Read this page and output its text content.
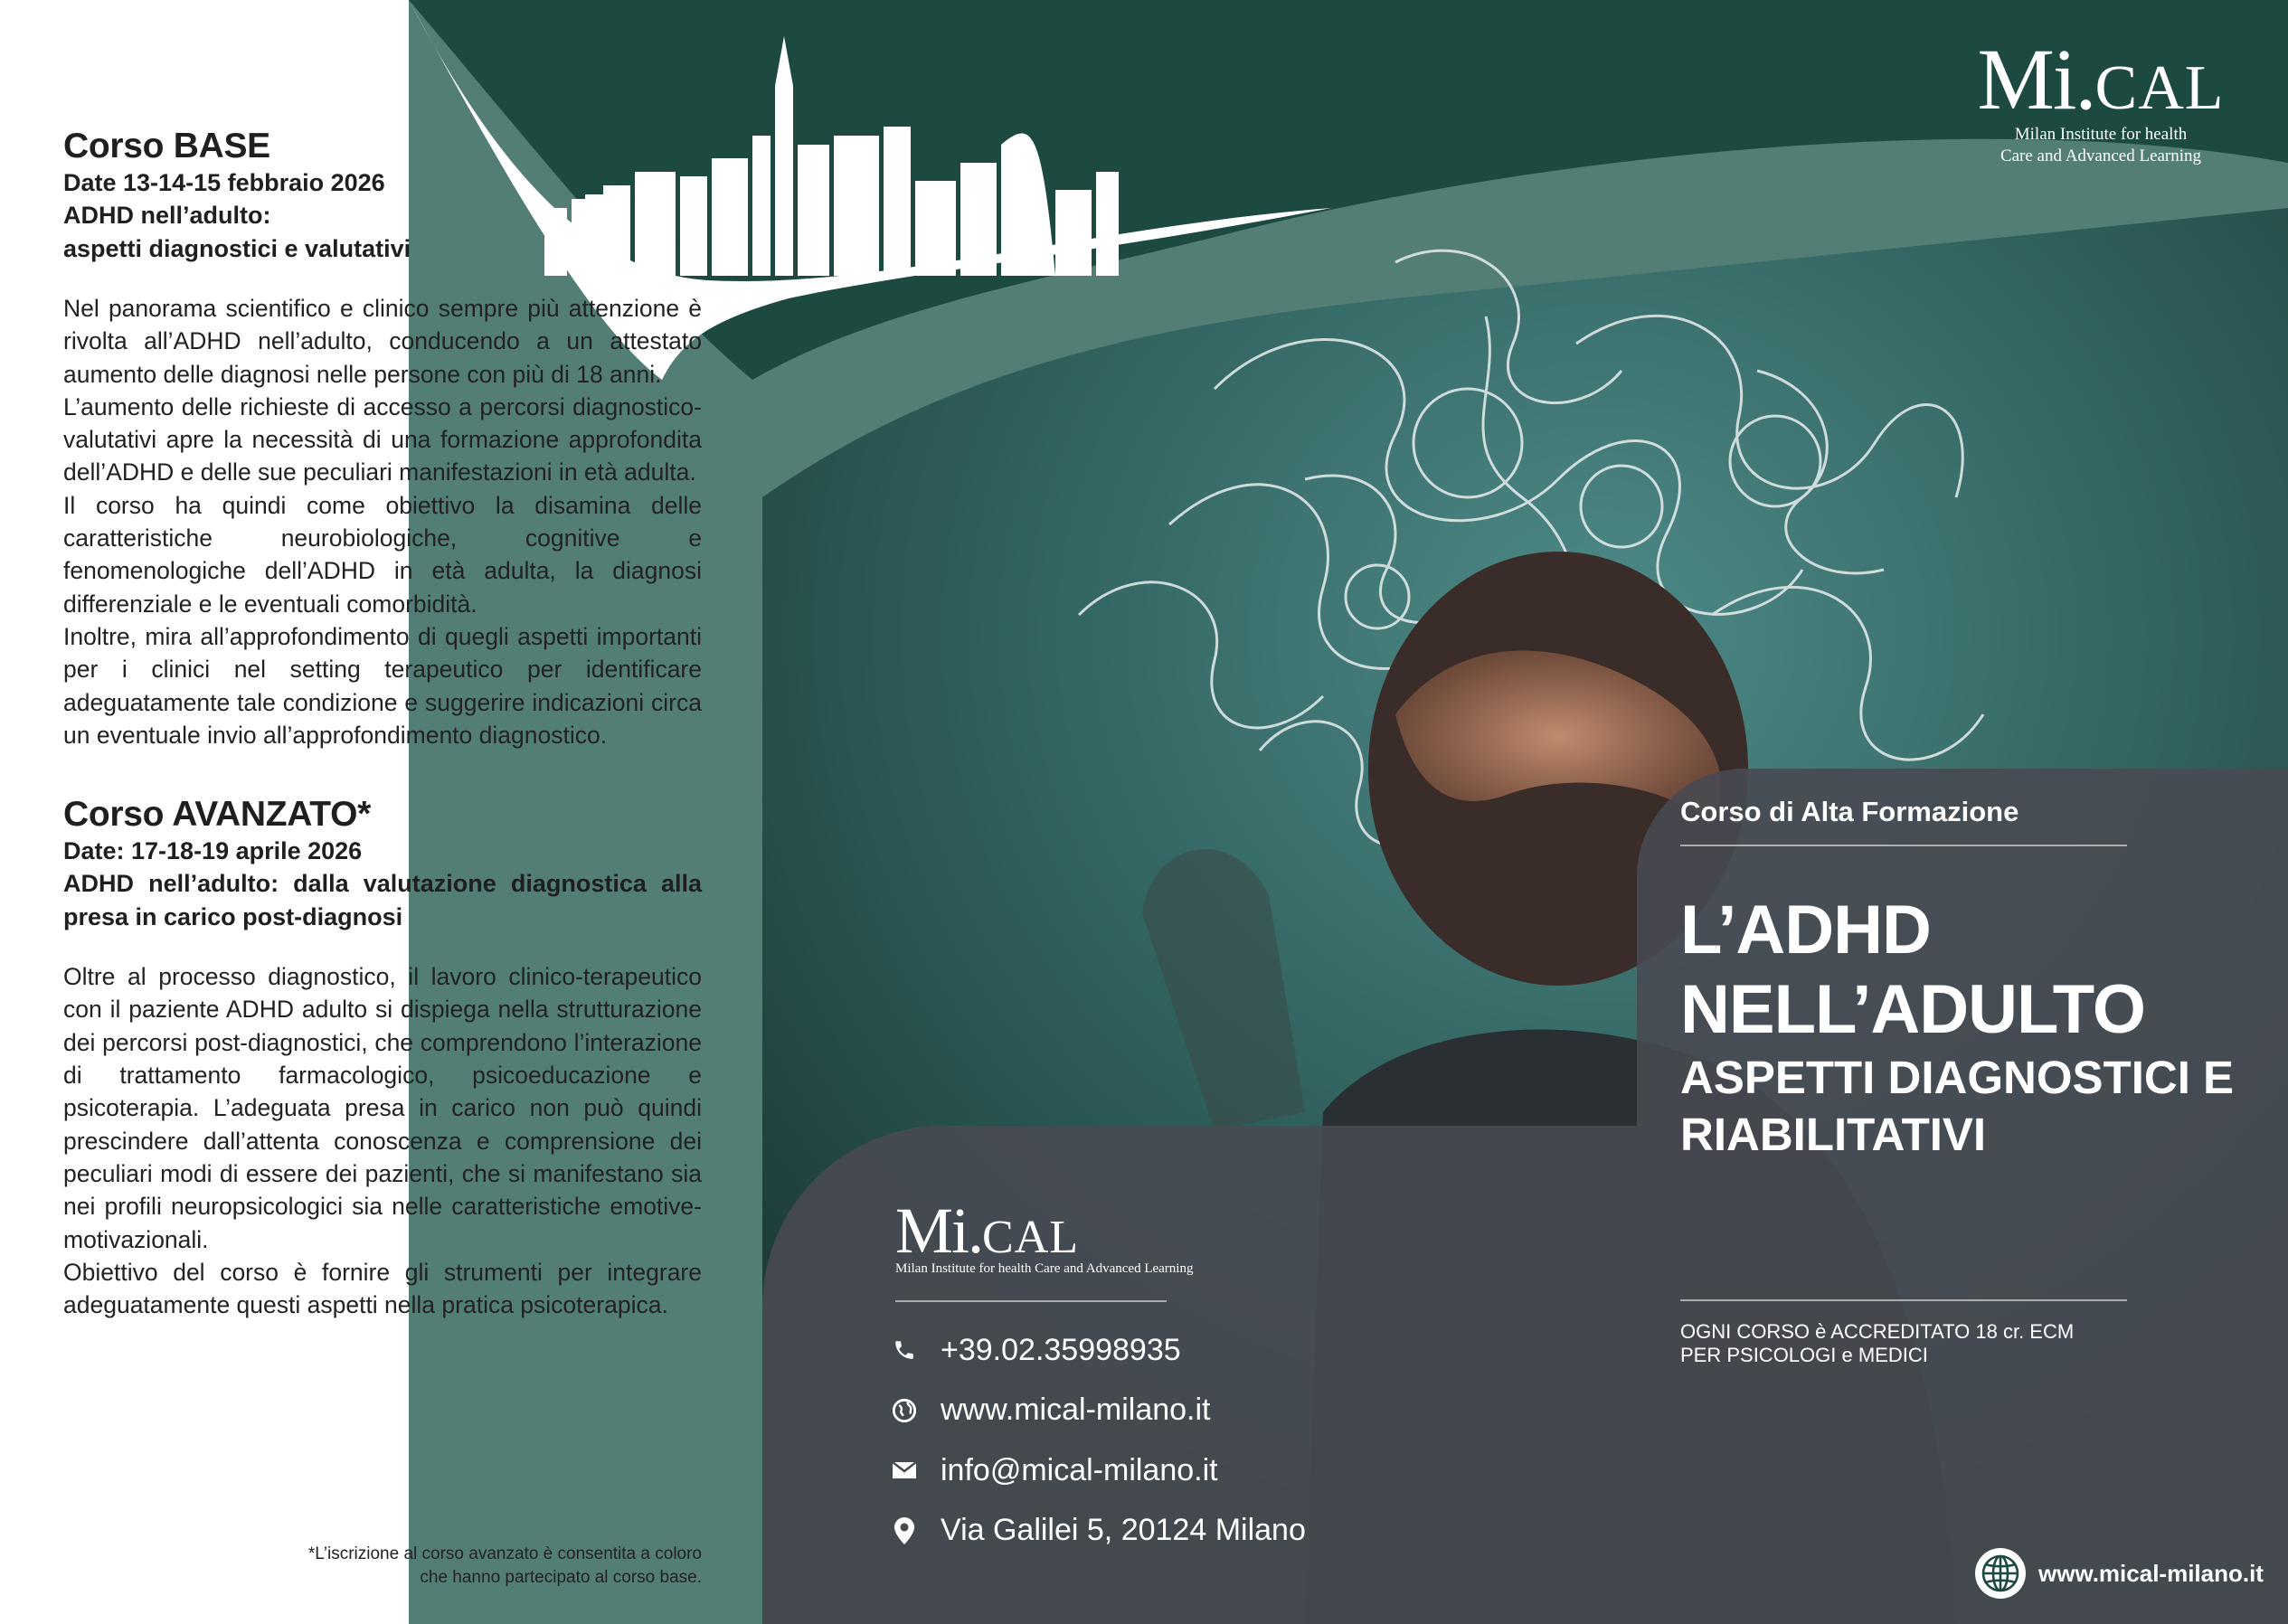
Corso di Alta Formazione
L’ADHD
NELL’ADULTO
ASPETTI DIAGNOSTICI E
RIABILITATIVI
OGNI CORSO è ACCREDITATO 18 cr. ECM
PER PSICOLOGI e MEDICI
Mi.CAL
Milan Institute for health Care and Advanced Learning
+39.02.35998935
www.mical-milano.it
info@mical-milano.it
Via Galilei 5, 20124 Milano
Mi.CAL
Milan Institute for health
Care and Advanced Learning
www.mical-milano.it
Corso BASE
Date 13-14-15 febbraio 2026
ADHD nell’adulto:
aspetti diagnostici e valutativi

Nel panorama scientifico e clinico sempre più attenzione è rivolta all’ADHD nell’adulto, conducendo a un attestato aumento delle diagnosi nelle persone con più di 18 anni.

L’aumento delle richieste di accesso a percorsi diagnostico-valutativi apre la necessità di una formazione approfondita dell’ADHD e delle sue peculiari manifestazioni in età adulta.

Il corso ha quindi come obiettivo la disamina delle caratteristiche neurobiologiche, cognitive e fenomenologiche dell’ADHD in età adulta, la diagnosi differenziale e le eventuali comorbidità.

Inoltre, mira all’approfondimento di quegli aspetti importanti per i clinici nel setting terapeutico per identificare adeguatamente tale condizione e suggerire indicazioni circa un eventuale invio all’approfondimento diagnostico.

Corso AVANZATO*
Date: 17-18-19 aprile 2026
ADHD nell’adulto: dalla valutazione diagnostica alla presa in carico post-diagnosi

Oltre al processo diagnostico, il lavoro clinico-terapeutico con il paziente ADHD adulto si dispiega nella strutturazione dei percorsi post-diagnostici, che comprendono l’interazione di trattamento farmacologico, psicoeducazione e psicoterapia. L’adeguata presa in carico non può quindi prescindere dall’attenta conoscenza e comprensione dei peculiari modi di essere dei pazienti, che si manifestano sia nei profili neuropsicologici sia nelle caratteristiche emotive-motivazionali.

Obiettivo del corso è fornire gli strumenti per integrare adeguatamente questi aspetti nella pratica psicoterapica.

*L’iscrizione al corso avanzato è consentita a coloro
che hanno partecipato al corso base.
